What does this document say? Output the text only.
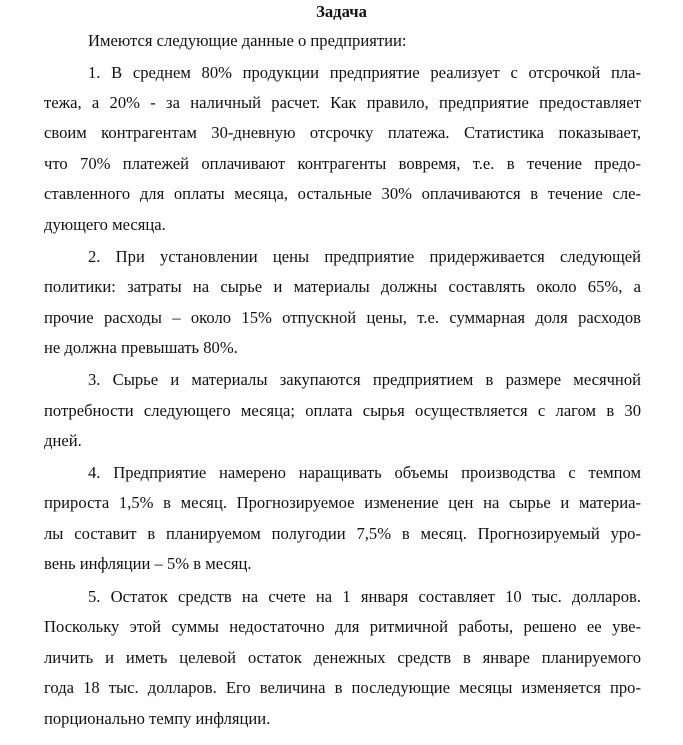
Задача
Имеются следующие данные о предприятии:
1. В среднем 80% продукции предприятие реализует с отсрочкой пла-
тежа, а 20% - за наличный расчет. Как правило, предприятие предоставляет
своим контрагентам 30-дневную отсрочку платежа. Статистика показывает,
что 70% платежей оплачивают контрагенты вовремя, т.е. в течение предо-
ставленного для оплаты месяца, остальные 30% оплачиваются в течение сле-
дующего месяца.
2. При установлении цены предприятие придерживается следующей
политики: затраты на сырье и материалы должны составлять около 65%, а
прочие расходы – около 15% отпускной цены, т.е. суммарная доля расходов
не должна превышать 80%.
3. Сырье и материалы закупаются предприятием в размере месячной
потребности следующего месяца; оплата сырья осуществляется с лагом в 30
дней.
4. Предприятие намерено наращивать объемы производства с темпом
прироста 1,5% в месяц. Прогнозируемое изменение цен на сырье и материа-
лы составит в планируемом полугодии 7,5% в месяц. Прогнозируемый уро-
вень инфляции – 5% в месяц.
5. Остаток средств на счете на 1 января составляет 10 тыс. долларов.
Поскольку этой суммы недостаточно для ритмичной работы, решено ее уве-
личить и иметь целевой остаток денежных средств в январе планируемого
года 18 тыс. долларов. Его величина в последующие месяцы изменяется про-
порционально темпу инфляции.
